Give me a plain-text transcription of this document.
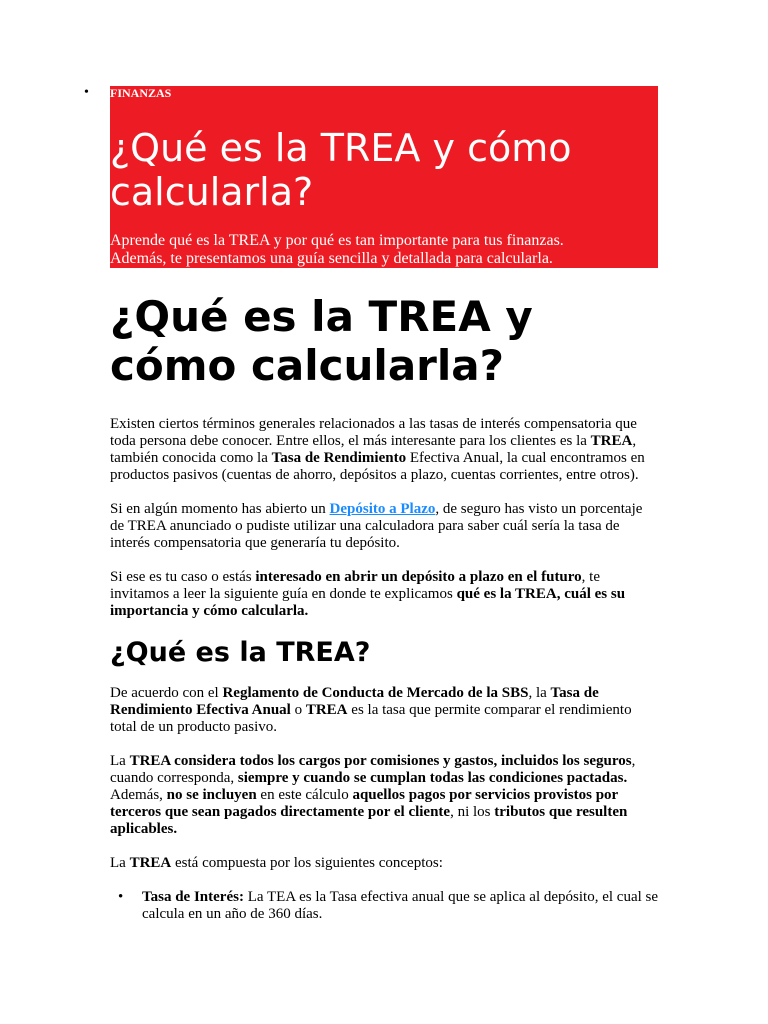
• FINANZAS
¿Qué es la TREA y cómo calcularla?

Aprende qué es la TREA y por qué es tan importante para tus finanzas.
Además, te presentamos una guía sencilla y detallada para calcularla.

¿Qué es la TREA y cómo calcularla?

Existen ciertos términos generales relacionados a las tasas de interés compensatoria que toda persona debe conocer. Entre ellos, el más interesante para los clientes es la TREA, también conocida como la Tasa de Rendimiento Efectiva Anual, la cual encontramos en productos pasivos (cuentas de ahorro, depósitos a plazo, cuentas corrientes, entre otros).

Si en algún momento has abierto un Depósito a Plazo, de seguro has visto un porcentaje de TREA anunciado o pudiste utilizar una calculadora para saber cuál sería la tasa de interés compensatoria que generaría tu depósito.

Si ese es tu caso o estás interesado en abrir un depósito a plazo en el futuro, te invitamos a leer la siguiente guía en donde te explicamos qué es la TREA, cuál es su importancia y cómo calcularla.

¿Qué es la TREA?

De acuerdo con el Reglamento de Conducta de Mercado de la SBS, la Tasa de Rendimiento Efectiva Anual o TREA es la tasa que permite comparar el rendimiento total de un producto pasivo.

La TREA considera todos los cargos por comisiones y gastos, incluidos los seguros, cuando corresponda, siempre y cuando se cumplan todas las condiciones pactadas. Además, no se incluyen en este cálculo aquellos pagos por servicios provistos por terceros que sean pagados directamente por el cliente, ni los tributos que resulten aplicables.

La TREA está compuesta por los siguientes conceptos:

• Tasa de Interés: La TEA es la Tasa efectiva anual que se aplica al depósito, el cual se calcula en un año de 360 días.
